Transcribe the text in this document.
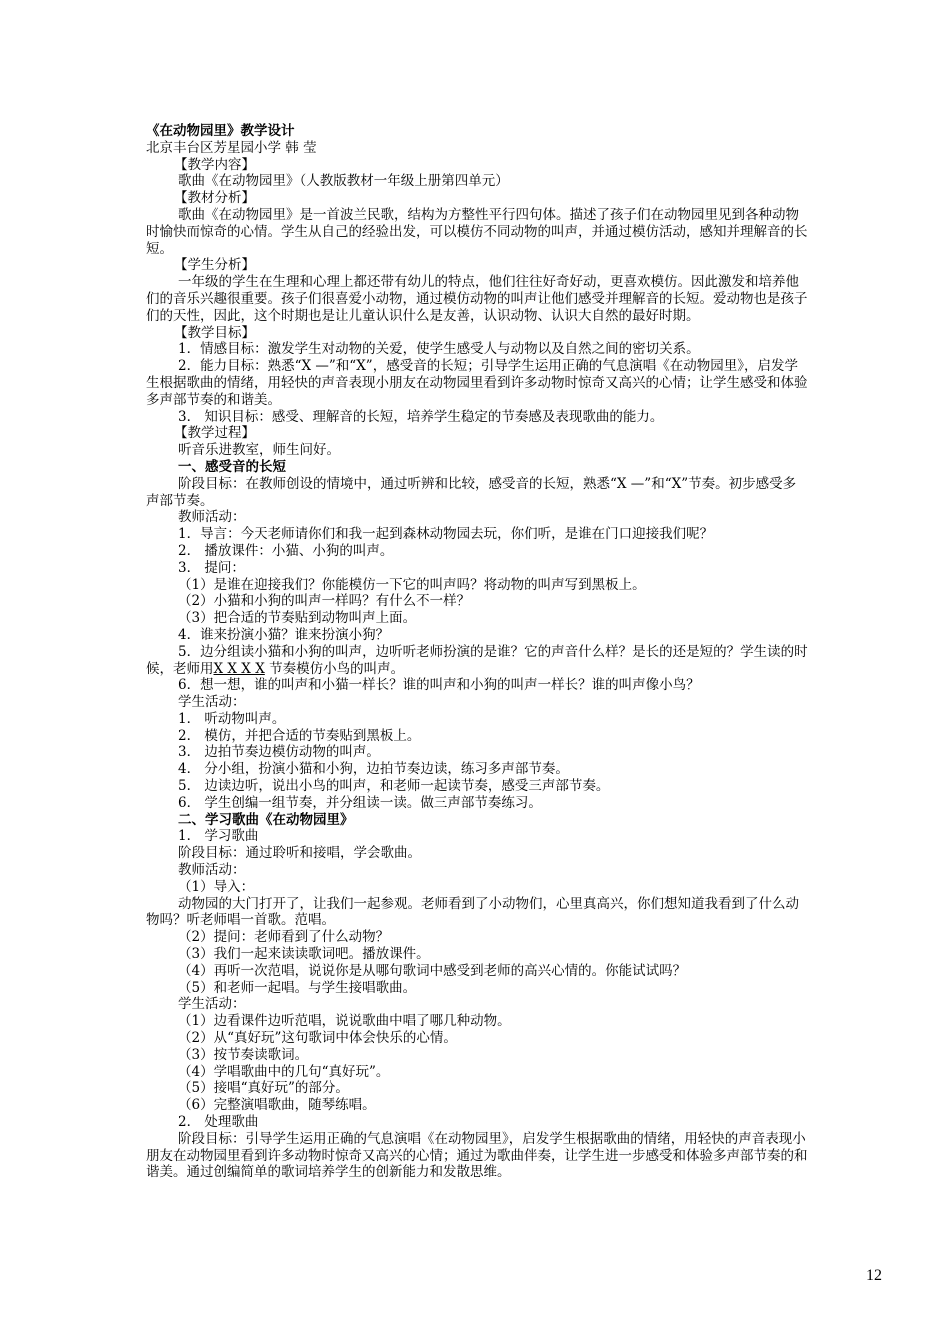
《在动物园里》教学设计

北京丰台区芳星园小学 韩 莹

【教学内容】

歌曲《在动物园里》（人教版教材一年级上册第四单元）

【教材分析】

歌曲《在动物园里》是一首波兰民歌，结构为方整性平行四句体。描述了孩子们在动物园里见到各种动物时愉快而惊奇的心情。学生从自己的经验出发，可以模仿不同动物的叫声，并通过模仿活动，感知并理解音的长短。

【学生分析】

一年级的学生在生理和心理上都还带有幼儿的特点，他们往往好奇好动，更喜欢模仿。因此激发和培养他们的音乐兴趣很重要。孩子们很喜爱小动物，通过模仿动物的叫声让他们感受并理解音的长短。爱动物也是孩子们的天性，因此，这个时期也是让儿童认识什么是友善，认识动物、认识大自然的最好时期。

【教学目标】

1．情感目标：激发学生对动物的关爱，使学生感受人与动物以及自然之间的密切关系。

2．能力目标：熟悉“X —”和“X”，感受音的长短；引导学生运用正确的气息演唱《在动物园里》，启发学生根据歌曲的情绪，用轻快的声音表现小朋友在动物园里看到许多动物时惊奇又高兴的心情；让学生感受和体验多声部节奏的和谐美。

3． 知识目标：感受、理解音的长短，培养学生稳定的节奏感及表现歌曲的能力。

【教学过程】

听音乐进教室，师生问好。

一、感受音的长短

阶段目标：在教师创设的情境中，通过听辨和比较，感受音的长短，熟悉“X —”和“X”节奏。初步感受多声部节奏。

教师活动：

1．导言：今天老师请你们和我一起到森林动物园去玩，你们听，是谁在门口迎接我们呢？

2． 播放课件：小猫、小狗的叫声。

3． 提问：

（1）是谁在迎接我们？你能模仿一下它的叫声吗？将动物的叫声写到黑板上。

（2）小猫和小狗的叫声一样吗？有什么不一样？

（3）把合适的节奏贴到动物叫声上面。

4．谁来扮演小猫？谁来扮演小狗？

5．边分组读小猫和小狗的叫声，边听听老师扮演的是谁？它的声音什么样？是长的还是短的？学生读的时候，老师用X X X X 节奏模仿小鸟的叫声。

6．想一想，谁的叫声和小猫一样长？谁的叫声和小狗的叫声一样长？谁的叫声像小鸟？

学生活动：

1． 听动物叫声。

2． 模仿，并把合适的节奏贴到黑板上。

3． 边拍节奏边模仿动物的叫声。

4． 分小组，扮演小猫和小狗，边拍节奏边读，练习多声部节奏。

5． 边读边听，说出小鸟的叫声，和老师一起读节奏，感受三声部节奏。

6． 学生创编一组节奏，并分组读一读。做三声部节奏练习。

二、学习歌曲《在动物园里》

1． 学习歌曲

阶段目标：通过聆听和接唱，学会歌曲。

教师活动：

（1）导入：

动物园的大门打开了，让我们一起参观。老师看到了小动物们，心里真高兴，你们想知道我看到了什么动物吗？听老师唱一首歌。范唱。

（2）提问：老师看到了什么动物？

（3）我们一起来读读歌词吧。播放课件。

（4）再听一次范唱，说说你是从哪句歌词中感受到老师的高兴心情的。你能试试吗？

（5）和老师一起唱。与学生接唱歌曲。

学生活动：

（1）边看课件边听范唱，说说歌曲中唱了哪几种动物。

（2）从“真好玩”这句歌词中体会快乐的心情。

（3）按节奏读歌词。

（4）学唱歌曲中的几句“真好玩”。

（5）接唱“真好玩”的部分。

（6）完整演唱歌曲，随琴练唱。

2． 处理歌曲

阶段目标：引导学生运用正确的气息演唱《在动物园里》，启发学生根据歌曲的情绪，用轻快的声音表现小朋友在动物园里看到许多动物时惊奇又高兴的心情；通过为歌曲伴奏，让学生进一步感受和体验多声部节奏的和谐美。通过创编简单的歌词培养学生的创新能力和发散思维。

12
